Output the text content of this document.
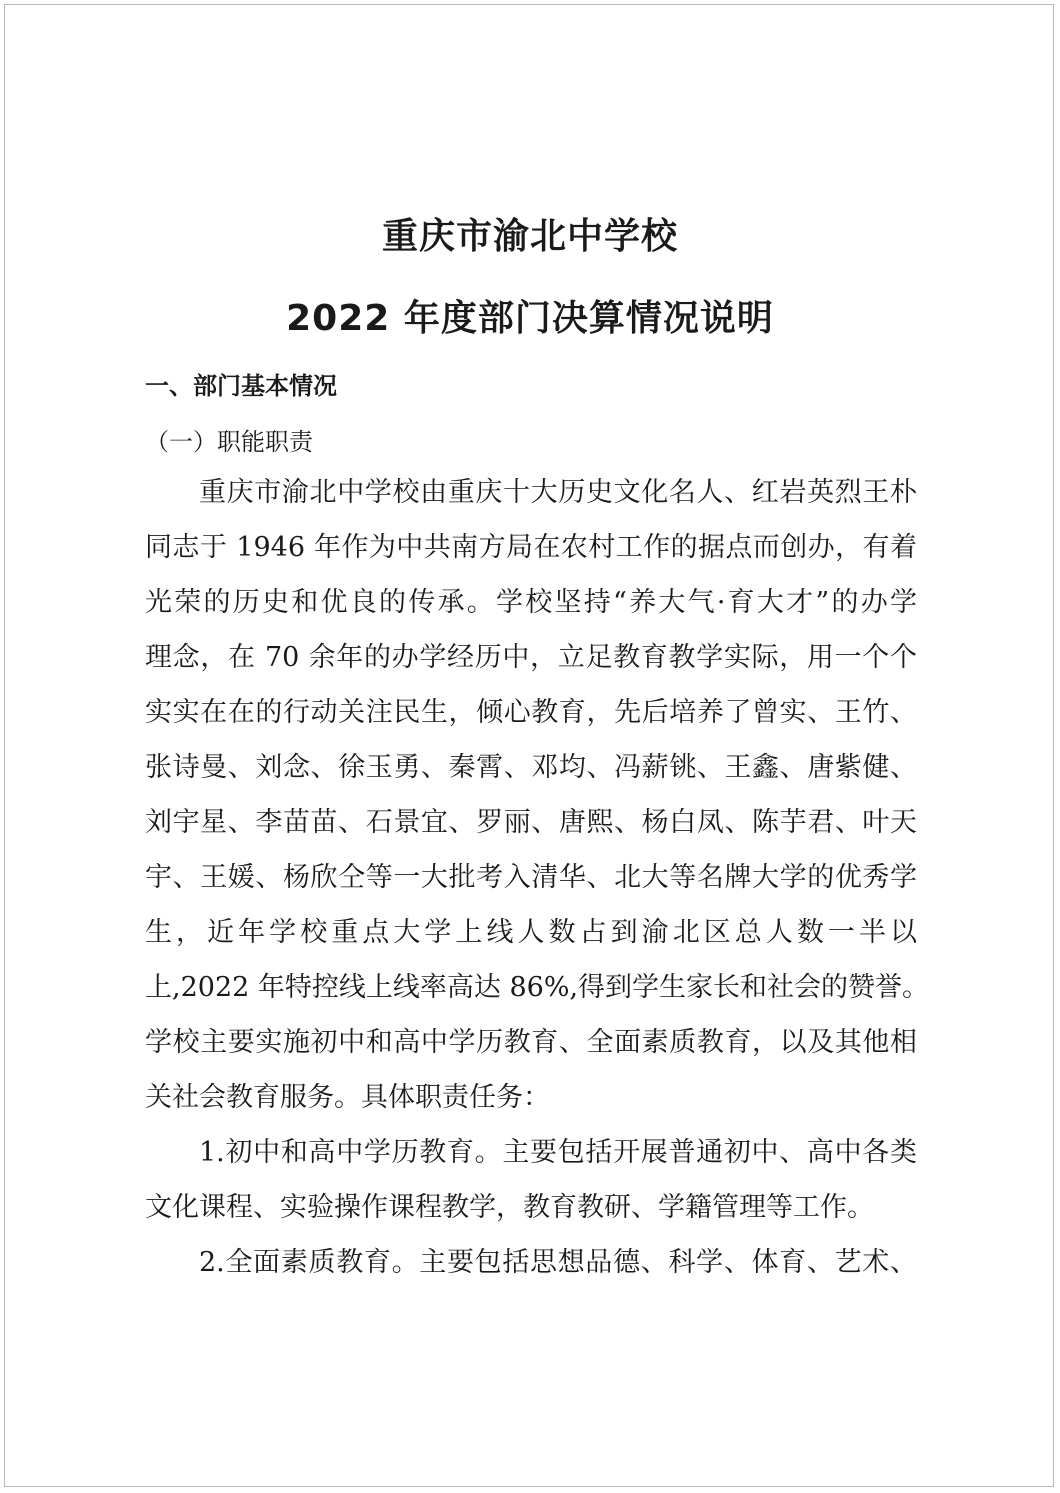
重庆市渝北中学校
2022 年度部门决算情况说明
一、部门基本情况
（一）职能职责
重庆市渝北中学校由重庆十大历史文化名人、红岩英烈王朴
同志于 1946 年作为中共南方局在农村工作的据点而创办，有着
光荣的历史和优良的传承。学校坚持“养大气·育大才”的办学
理念，在 70 余年的办学经历中，立足教育教学实际，用一个个
实实在在的行动关注民生，倾心教育，先后培养了曾实、王竹、
张诗曼、刘念、徐玉勇、秦霄、邓均、冯薪铫、王鑫、唐紫健、
刘宇星、李苗苗、石景宜、罗丽、唐熙、杨白凤、陈芋君、叶天
宇、王媛、杨欣仝等一大批考入清华、北大等名牌大学的优秀学
生，近年学校重点大学上线人数占到渝北区总人数一半以
上,2022 年特控线上线率高达 86%,得到学生家长和社会的赞誉。
学校主要实施初中和高中学历教育、全面素质教育，以及其他相
关社会教育服务。具体职责任务：
1.初中和高中学历教育。主要包括开展普通初中、高中各类
文化课程、实验操作课程教学，教育教研、学籍管理等工作。
2.全面素质教育。主要包括思想品德、科学、体育、艺术、
